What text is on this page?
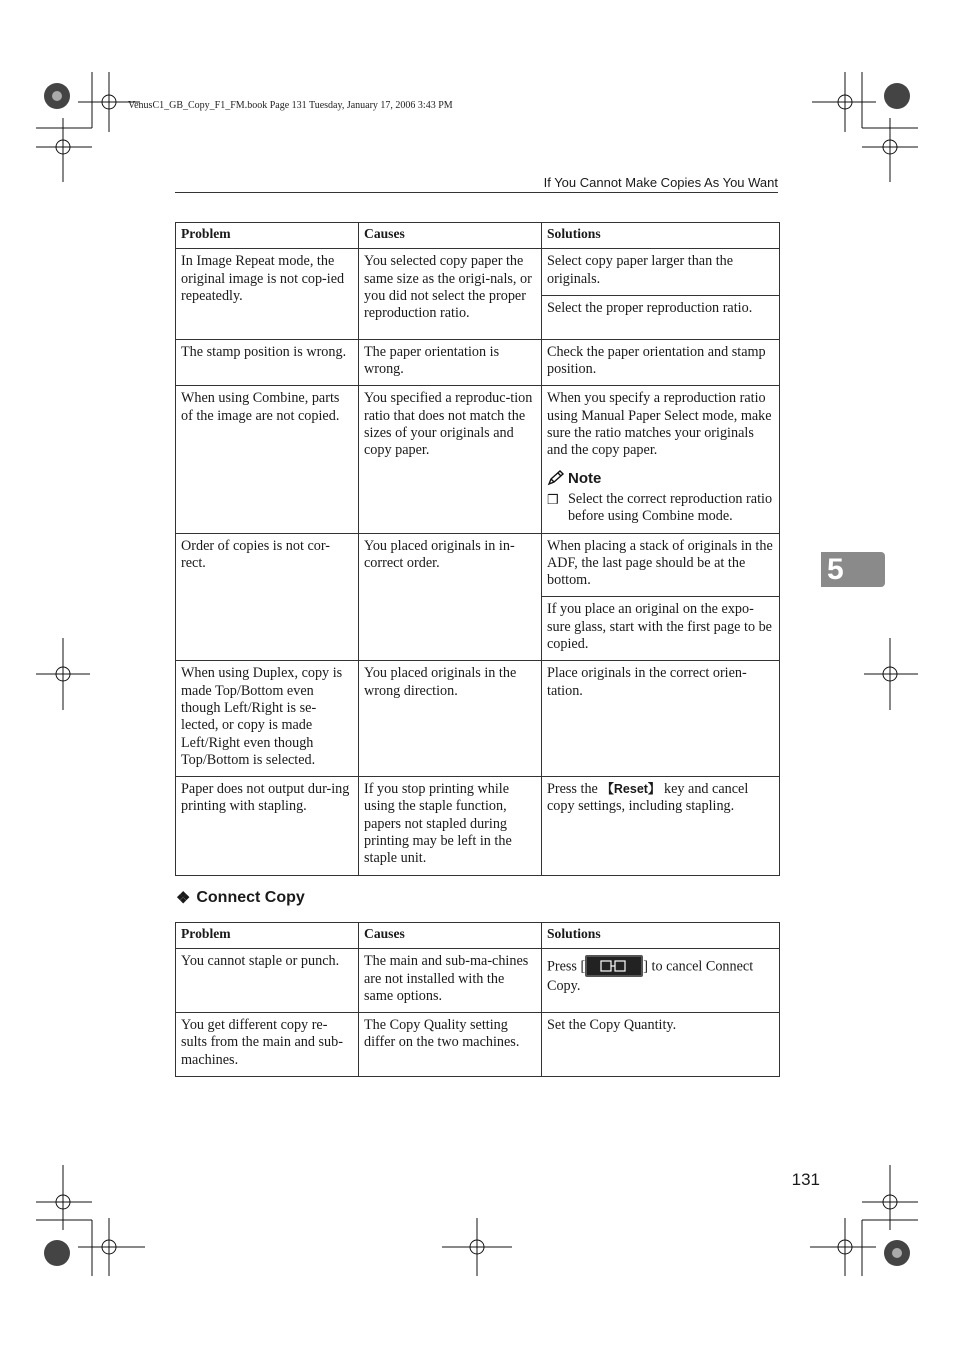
VenusC1_GB_Copy_F1_FM.book Page 131 Tuesday, January 17, 2006 3:43 PM
If You Cannot Make Copies As You Want
5
Problem	Causes	Solutions
In Image Repeat mode, the original image is not cop-ied repeatedly.	You selected copy paper the same size as the origi-nals, or you did not select the proper reproduction ratio.	Select copy paper larger than the originals.
		Select the proper reproduction ratio.
The stamp position is wrong.	The paper orientation is wrong.	Check the paper orientation and stamp position.
When using Combine, parts of the image are not copied.	You specified a reproduc-tion ratio that does not match the sizes of your originals and copy paper.	When you specify a reproduction ratio using Manual Paper Select mode, make sure the ratio matches your originals and the copy paper.
Note
❒ Select the correct reproduction ratio before using Combine mode.

Order of copies is not cor-rect.	You placed originals in in-correct order.	When placing a stack of originals in the ADF, the last page should be at the bottom.
		If you place an original on the expo-sure glass, start with the first page to be copied.
When using Duplex, copy is made Top/Bottom even though Left/Right is se-lected, or copy is made Left/Right even though Top/Bottom is selected.	You placed originals in the wrong direction.	Place originals in the correct orien-tation.
Paper does not output dur-ing printing with stapling.	If you stop printing while using the staple function, papers not stapled during printing may be left in the staple unit.	Press the 【Reset】 key and cancel copy settings, including stapling.
❖ Connect Copy
Problem	Causes	Solutions
You cannot staple or punch.	The main and sub-ma-chines are not installed with the same options.	Press [ ] to cancel Connect Copy.
You get different copy re-sults from the main and sub-machines.	The Copy Quality setting differ on the two machines.	Set the Copy Quantity.
131
